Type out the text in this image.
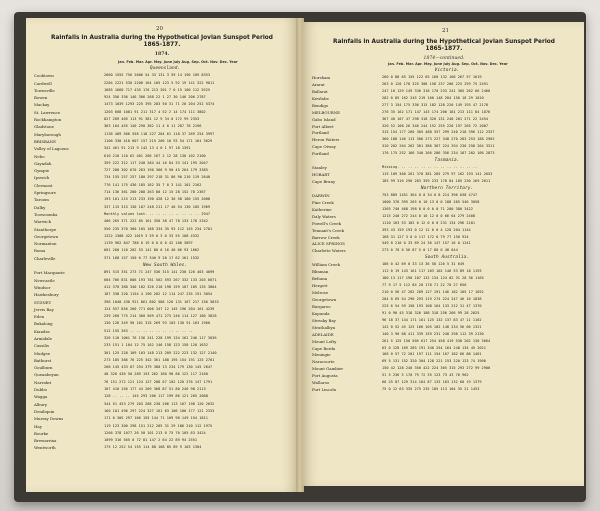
20
Rainfalls in Australia during the Hypothetical Jovian Sunspot Period
1865-1877.
1874.
Jan. Feb. Mar. Apr. May. June July Aug. Sep. Oct. Nov. Dec. Year
Queensland.
Cooktown	2660 1555 756 2606 54 33 131 3 59 14 190 189 8353
Cardwell	2284 2221 530 2200 164 105 123 5 92 19 141 322 9011
Townsville	1685 1660 717 435 170 213 201 7 0 15 100 112 5525
Bowen	924 356 336 146 306 268 22 1 27 30 146 206 2787
Mackay	1473 1039 1293 225 395 283 50 31 71 20 204 252 5374
St. Lawrence	1203 608 1001 91 211 317 4 52 2 14 174 111 3802
Rockhampton	827 209 405 113 91 381 12 9 34 0 172 99 2353
Gladstone	363 164 455 140 290 382 11 4 0 11 287 78 2196
Maryborough	1136 409 566 558 118 227 204 61 118 37 269 254 3997
BRISBANE	1106 338 418 607 157 215 206 10 93 54 171 164 3629
Valley of Lagoons	342 461 91 213 9 142 13 4 0 1 97 18 1391
Nebo	610 210 110 62 401 266 167 2 12 28 130 102 2100
Gayndah	359 222 312 117 240 284 44 16 84 33 141 195 2047
Gympie	727 280 302 670 263 190 366 9 90 45 264 179 3385
Ipswich	734 155 257 257 180 297 218 31 86 90 216 119 2640
Clermont	776 141 175 436 185 162 35 7 0 3 141 101 2162
Springsure	714 136 361 200 288 263 80 12 15 28 152 78 2367
Taroom	193 101 215 213 233 190 428 12 30 58 180 155 2008
Dalby	337 115 315 130 187 248 211 17 40 54 130 185 1969
Toowoomba	Monthly values lost. .. .. .. .. .. .. .. .. 2947
Warwick	406 265 371 222 85 161 358 38 47 78 133 178 2342
Stanthorpe	550 235 370 300 105 188 334 35 93 112 145 234 2701
Georgetown	1322 1308 422 1019 3 59 0 3 0 33 55 108 4332
Normanton	1139 962 847 788 0 19 0 0 0 0 42 100 3897
Roma	601 260 110 202 53 141 80 0 16 40 66 93 1662
Charleville	371 168 157 150 0 77 340 9 20 17 62 161 1532
New South Wales.
Port Macquarie	891 515 351 273 71 247 536 315 141 230 126 403 4099
Newcastle	604 766 831 606 193 781 562 593 267 332 133 203 6071
Windsor	412 370 380 340 102 326 210 198 159 187 185 135 3004
Hawkesbury	187 338 220 1154 4 190 202 12 114 247 235 151 3054
SYDNEY	396 1040 430 921 861 802 586 126 131 167 217 156 5833
Jervis Bay	124 557 856 260 771 606 347 12 145 196 204 161 4239
Eden	239 260 775 214 360 569 471 273 246 114 127 180 3828
Bukalong	130 126 349 90 101 315 269 93 103 130 91 163 1960
Kiandra	512 155 363 .. .. .. .. .. .. .. .. .. ..
Armidale	326 110 1061 76 136 241 228 199 134 162 246 117 3036
Cassilis	233 151 1 104 12 75 162 146 158 123 158 120 1632
Mudgee	301 125 228 109 103 148 213 209 222 223 132 127 2140
Bathurst	273 185 386 76 225 342 361 188 195 154 191 125 2701
Goulburn	268 145 433 87 254 379 380 13 234 179 130 145 2647
Queanbeyan	40 326 436 50 289 153 262 180 98 86 122 117 2160
Narrabri	76 151 272 121 124 127 208 67 102 120 276 147 1791
Dubbo	187 410 156 177 44 209 368 87 51 80 246 98 2113
Wagga	128 .. .. .. 145 293 206 117 199 86 121 205 2088
Albury	344 51 453 279 203 268 230 206 113 167 198 120 2632
Deniliquin	160 101 496 297 224 327 161 63 106 100 177 121 2333
Murray Downs	171 0 305 297 166 155 144 71 109 90 149 154 1811
Hay	119 123 300 298 151 212 205 31 29 186 210 112 1975
Bourke	1266 378 1077 26 50 101 213 0 75 70 105 63 3424
Brewarrina	1099 316 565 0 72 81 147 2 64 22 89 94 2551
Wentworth	175 12 252 54 155 114 88 168 85 89 9 103 1304
21
Rainfalls in Australia during the Hypothetical Jovian Sunspot Period
1865-1877.
1874—continued.
Jan. Feb. Mar. Apr. May. June July Aug. Sep. Oct. Nov. Dec. Year
Victoria.
Horsham	260 0 88 65 155 122 65 160 132 168 267 57 1619
Ararat	263 0 120 178 325 308 158 237 206 225 259 75 2491
Ballarat	247 10 129 149 336 318 170 233 241 305 262 66 2460
Kewlabe	282 0 85 162 245 219 160 148 284 150 18 29 1810
Bendigo	277 3 154 175 336 315 182 128 220 149 193 47 2178
MELBOURNE	276 35 162 171 147 143 174 206 181 213 111 84 1876
Gabo Island	367 40 107 47 298 318 320 131 240 201 271 22 2454
Port Albert	320 52 108 26 346 244 152 255 220 197 265 72 2087
Portland	315 154 177 260 305 488 357 299 240 218 396 112 2337
Heron Waters	360 188 146 113 306 273 227 348 270 283 253 188 2902
Cape Otway	310 202 264 262 301 386 367 224 294 236 258 264 3311
Portland	176 175 252 166 340 266 286 356 234 187 202 166 2873
Tasmania.
Stanley	Missing. .. .. .. .. .. .. .. .. .. .. .. ..
HOBART	115 109 360 261 370 381 285 279 97 162 193 141 2653
Cape Bruny	185 99 316 290 283 359 233 178 84 185 230 169 2611
Northern Territory.
DARWIN	753 889 1451 364 0 0 34 0 8 214 396 638 4747
Pine Creek	1000 376 395 265 0 10 13 0 0 188 265 546 3058
Katherine	1365 740 468 198 0 0 0 0 0 71 200 380 3422
Daly Waters	1215 240 272 244 0 16 12 0 0 66 64 279 2408
Powell's Creek	1110 163 53 182 0 12 0 0 0 231 134 296 2181
Tennant's Creek	393 43 159 193 0 12 12 0 0 4 120 204 1144
Barrow Creek	168 31 127 3 0 0 117 172 0 79 77 150 924
ALICE SPRINGS	549 0 210 0 33 69 24 36 147 157 16 0 1241
Charlotte Waters	273 0 78 0 56 87 5 0 17 80 0 48 644
South Australia.
William Creek	186 0 42 69 0 33 13 36 58 126 5 31 649
Blinman	112 0 19 143 161 117 183 102 146 53 89 18 1193
Beltana	180 13 117 190 107 132 134 124 82 31 28 36 1165
Hergott	77 9 17 5 112 84 20 178 71 22 70 27 650
Melrose	210 0 56 47 282 289 127 191 146 182 105 17 1652
Georgetown	204 0 65 54 296 293 119 274 224 247 46 16 1838
Burgaroo	225 6 54 59 158 193 108 164 133 212 31 47 1370
Kapunda	91 0 90 45 318 326 188 318 256 266 99 28 2025
Streaky Bay	96 18 37 144 171 161 125 132 137 83 47 11 1162
Strathalbyn	142 0 52 45 125 166 105 182 148 234 56 66 1321
ADELAIDE	140 3 90 68 411 339 159 231 240 298 112 39 2130
Mount Lofty	261 5 125 150 505 617 254 458 419 538 202 130 3664
Cape Borda	63 0 128 169 285 191 340 254 164 248 134 45 2021
Meningie	166 0 57 72 201 197 111 154 167 182 66 88 1461
Naracoorte	69 5 131 152 320 304 128 221 153 220 123 74 1900
Mount Gambier	150 42 128 240 350 422 224 365 315 293 272 99 2900
Port Augusta	51 5 236 5 170 79 72 35 123 73 43 70 962
Wallaroo	66 25 87 129 314 164 87 133 163 132 60 19 1379
Port Lincoln	75 0 12 63 335 275 235 185 113 104 35 21 1453
